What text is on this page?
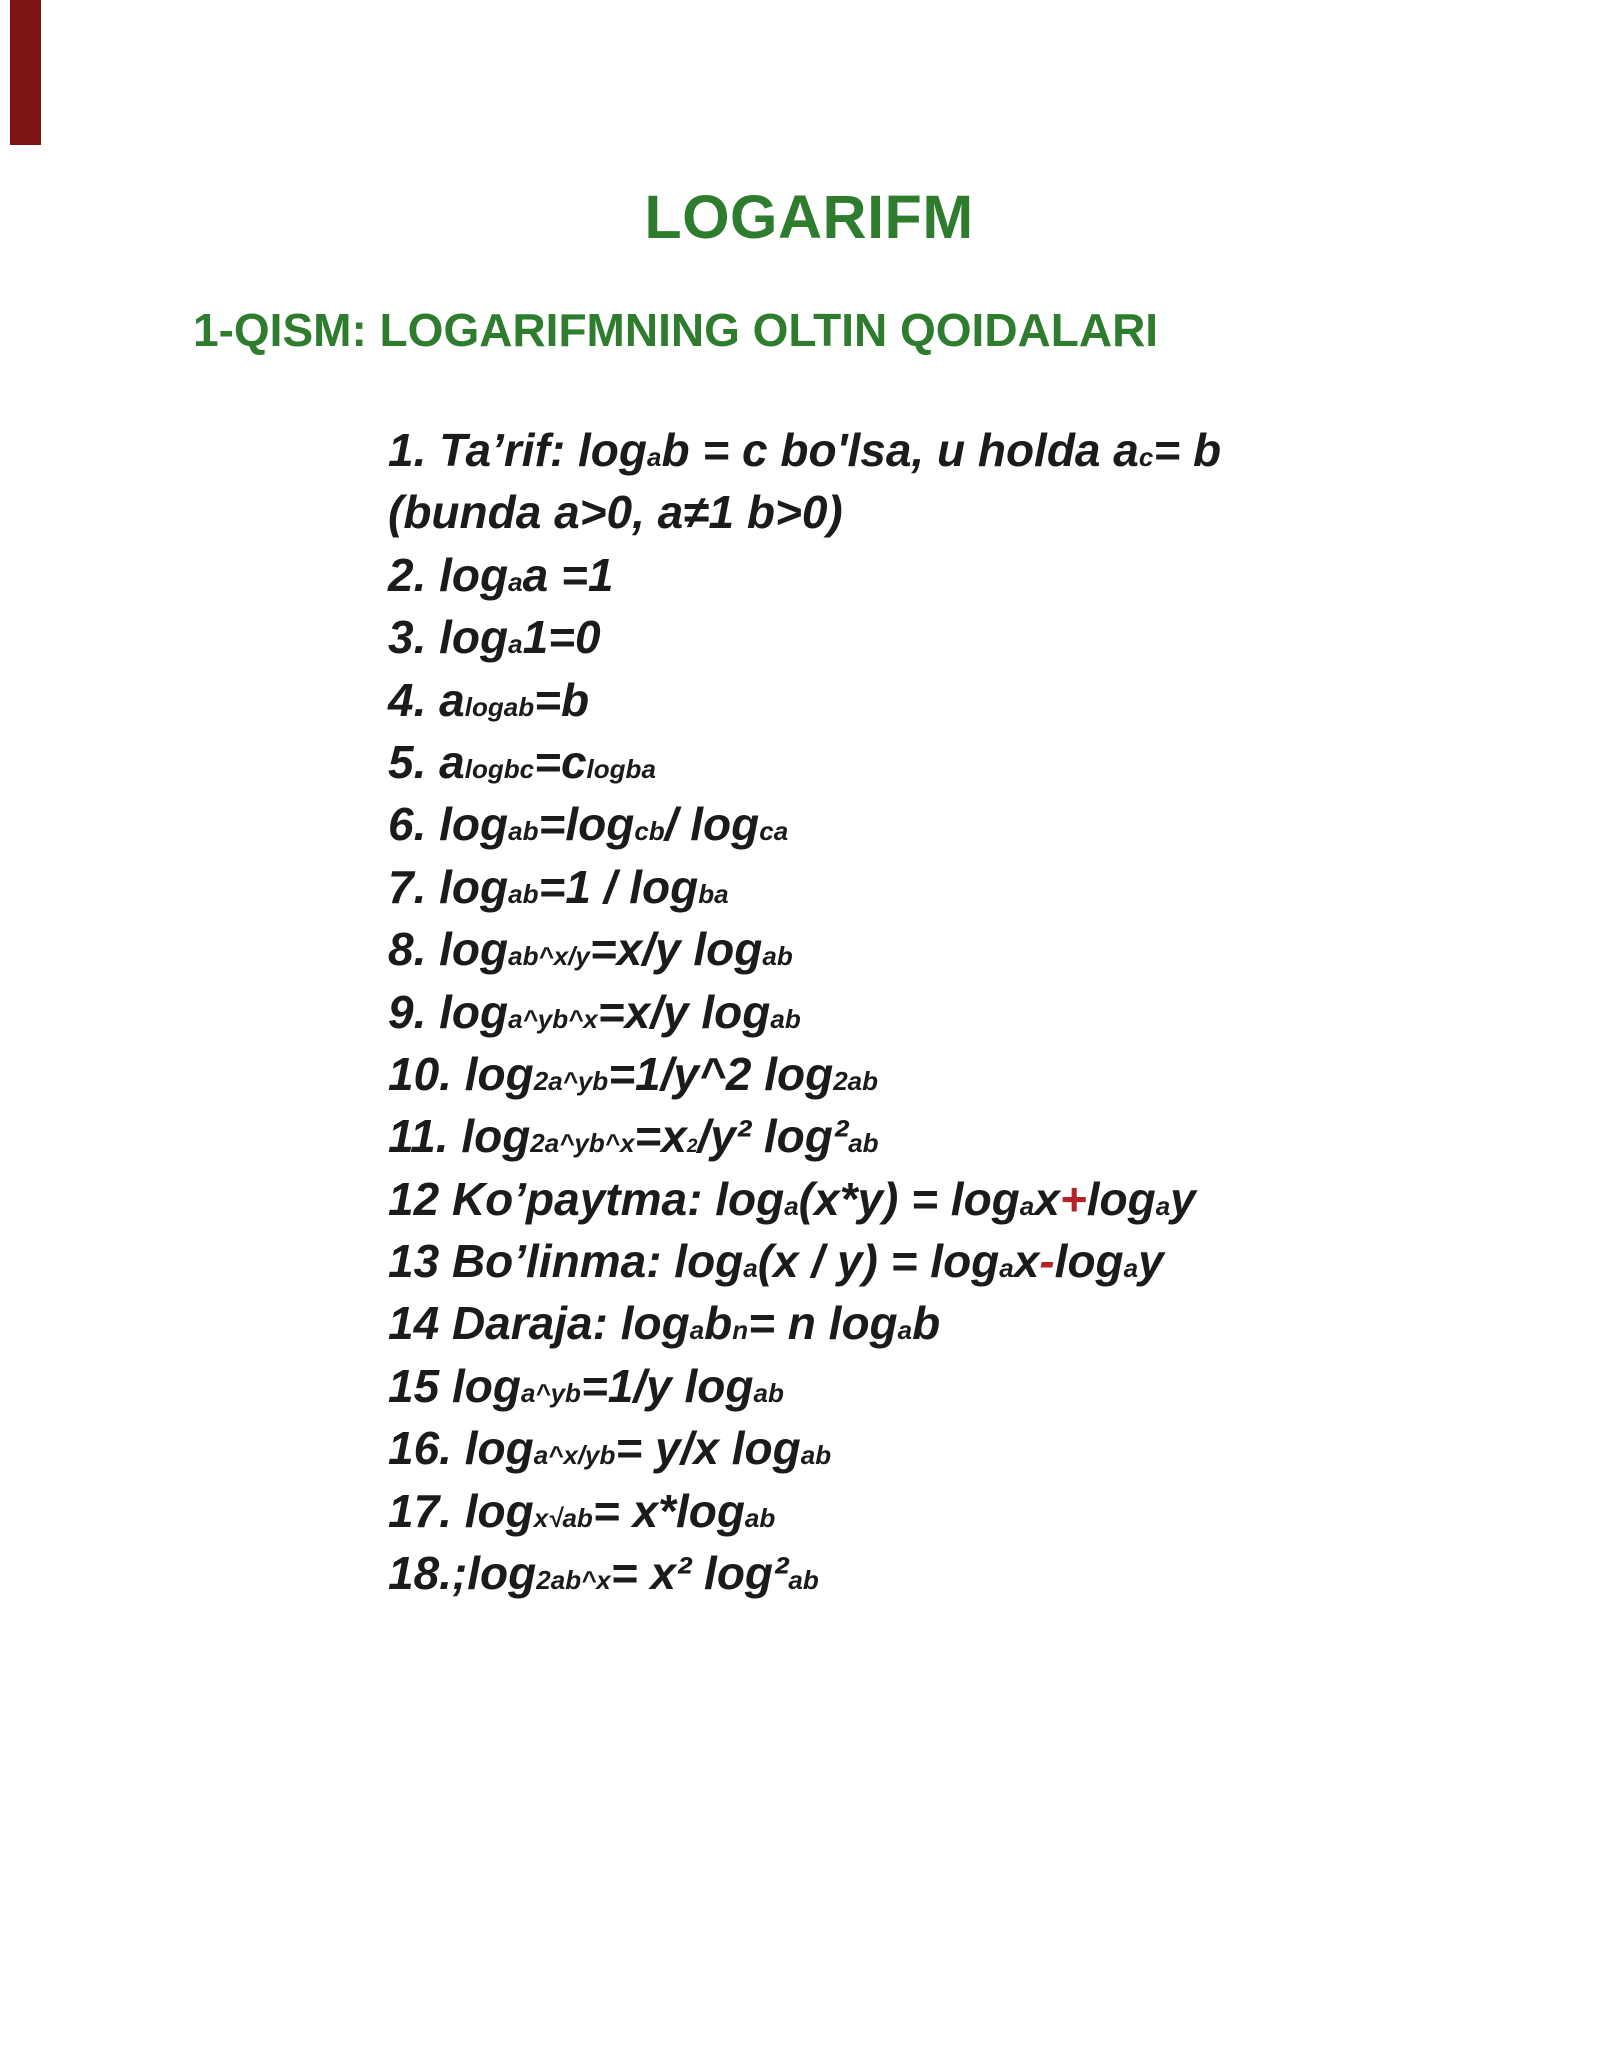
LOGARIFM
1-QISM: LOGARIFMNING OLTIN QOIDALARI
1. Ta’rif: logab = c bo'lsa, u holda ac= b
(bunda a>0, a≠1 b>0)
2. logaa =1
3. loga1=0
4. alogab=b
5. alogbc=clogba
6. logab=logcb/ logca
7. logab=1 / logba
8. logab^x/y=x/y logab
9. loga^yb^x=x/y logab
10. log2a^yb=1/y^2 log2ab
11. log2a^yb^x=x2/y² log²ab
12 Ko’paytma: loga(x*y) = logax+logay
13 Bo’linma: loga(x / y) = logax-logay
14 Daraja: logabn= n logab
15 loga^yb=1/y logab
16. loga^x/yb= y/x logab
17. logx√ab= x*logab
18.;log2ab^x= x² log²ab
